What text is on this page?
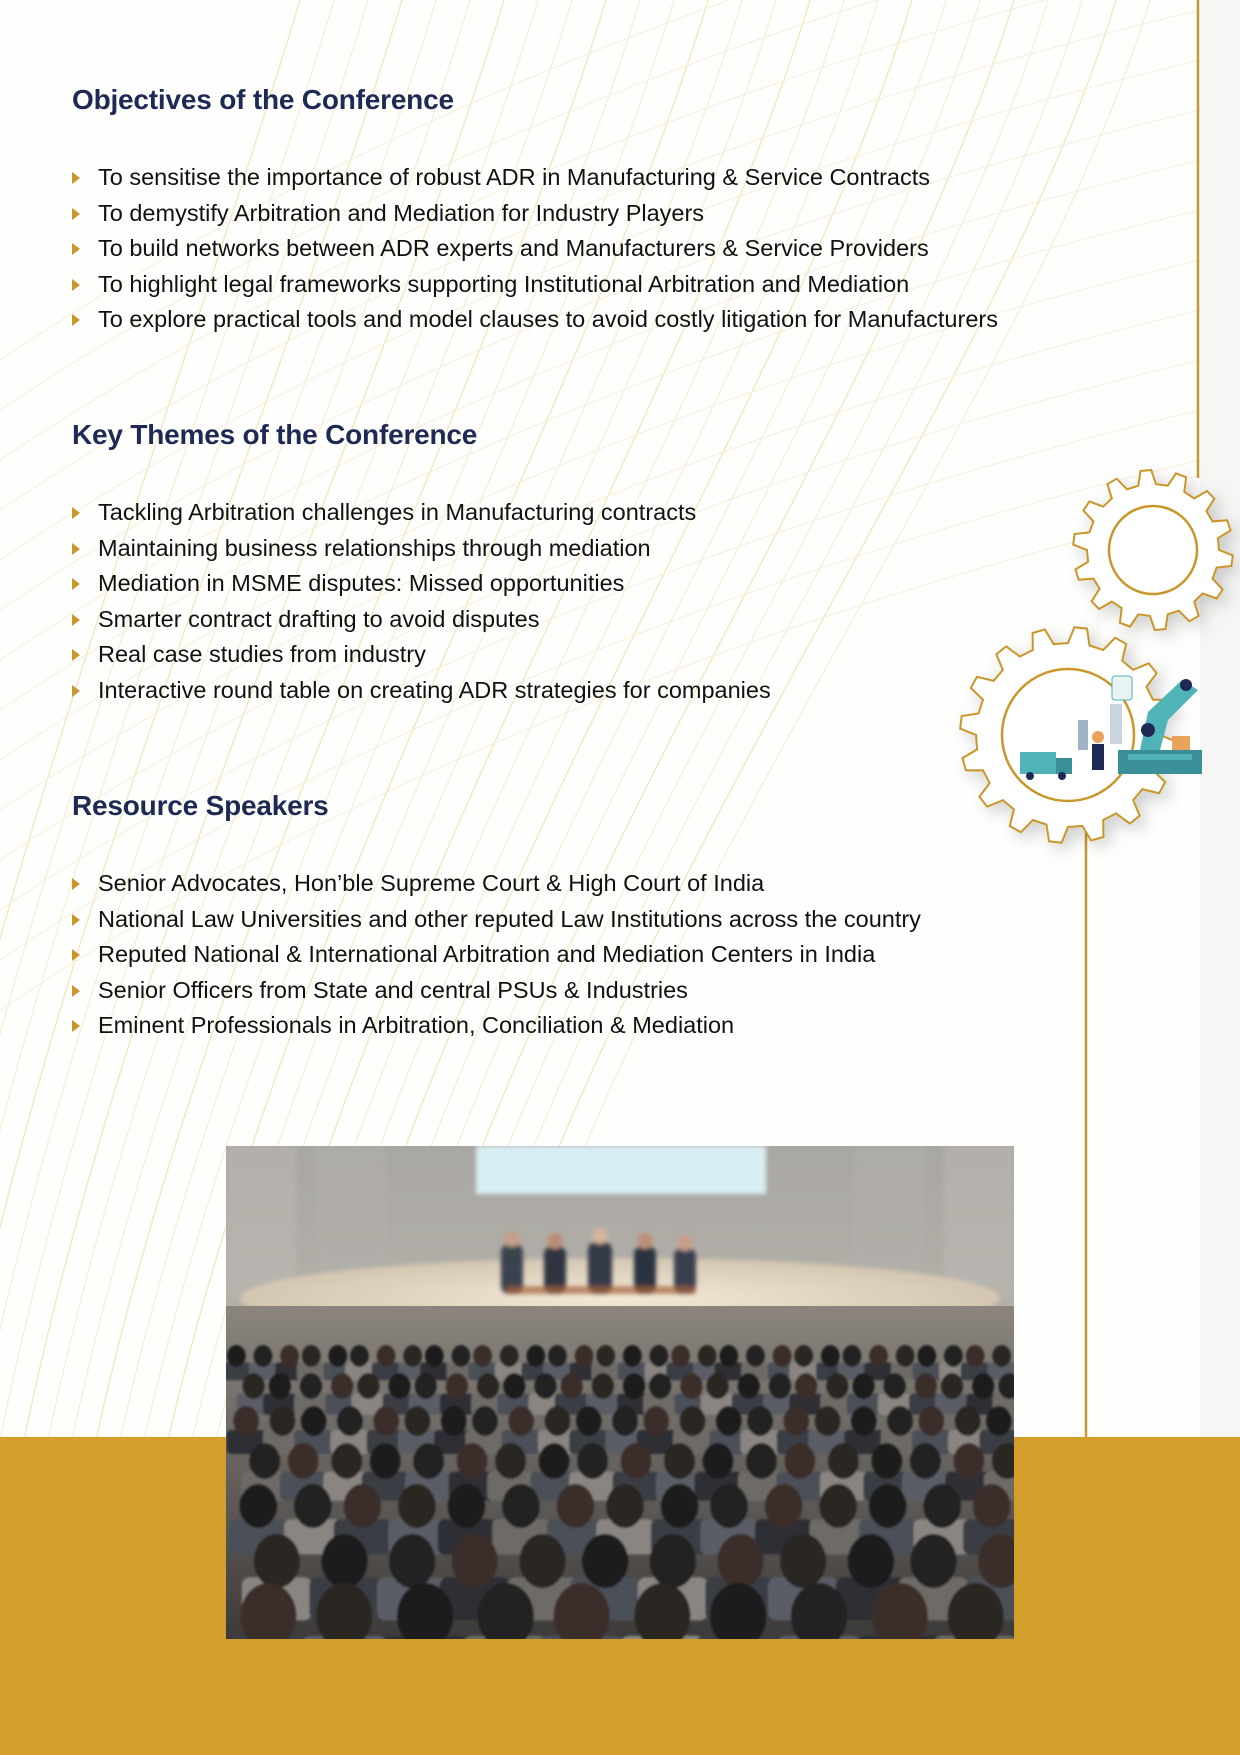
Objectives of the Conference
To sensitise the importance of robust ADR in Manufacturing & Service Contracts
To demystify Arbitration and Mediation for Industry Players
To build networks between ADR experts and Manufacturers & Service Providers
To highlight legal frameworks supporting Institutional Arbitration and Mediation
To explore practical tools and model clauses to avoid costly litigation for Manufacturers
Key Themes of the Conference
Tackling Arbitration challenges in Manufacturing contracts
Maintaining business relationships through mediation
Mediation in MSME disputes: Missed opportunities
Smarter contract drafting to avoid disputes
Real case studies from industry
Interactive round table on creating ADR strategies for companies
Resource Speakers
Senior Advocates, Hon’ble Supreme Court & High Court of India
National Law Universities and other reputed Law Institutions across the country
Reputed National & International Arbitration and Mediation Centers in India
Senior Officers from State and central PSUs & Industries
Eminent Professionals in Arbitration, Conciliation & Mediation
